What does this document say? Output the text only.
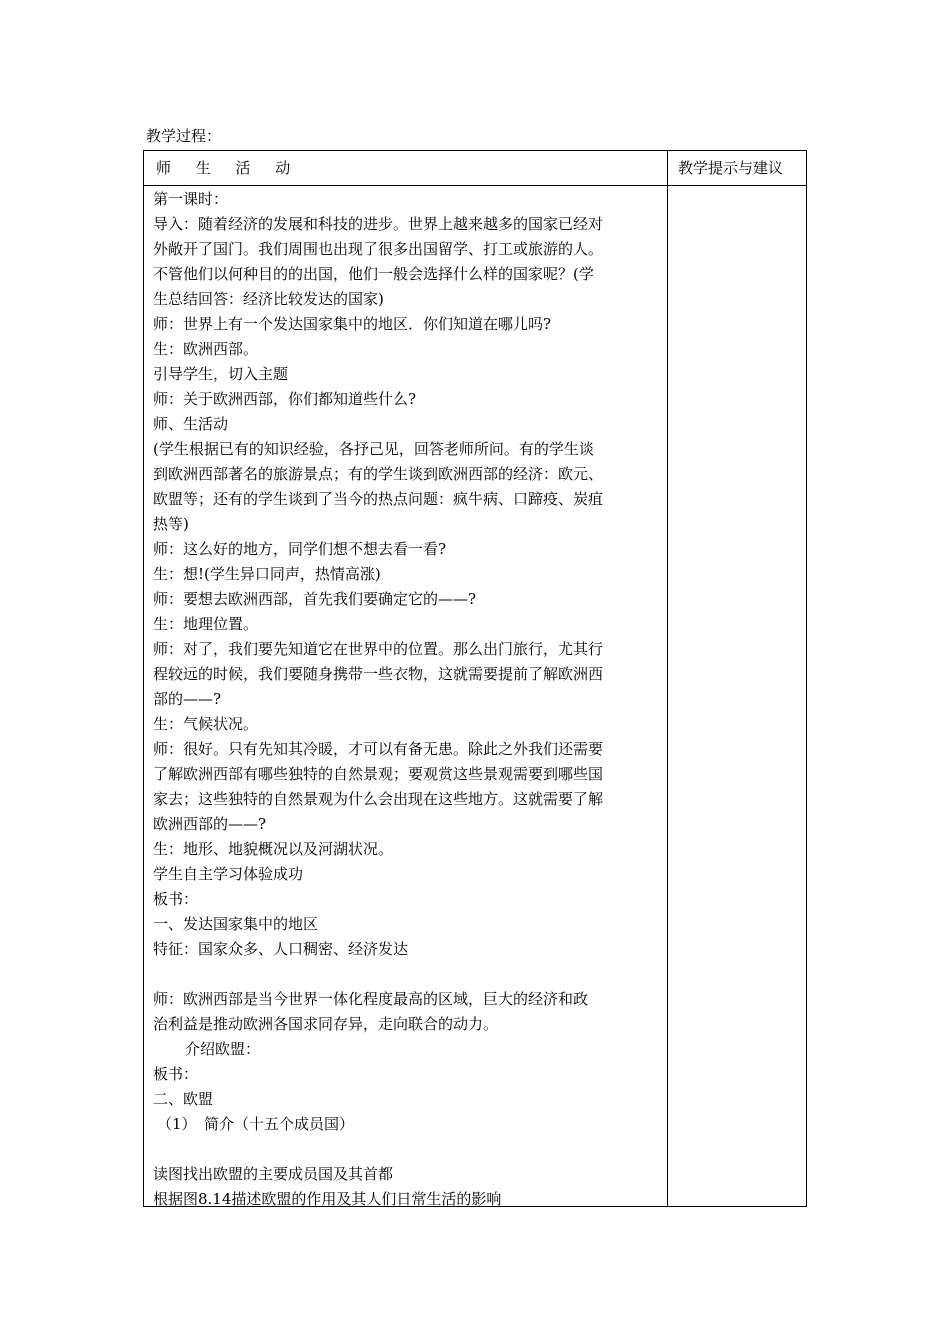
教学过程：
师 生 活 动	教学提示与建议
第一课时：
导入：随着经济的发展和科技的进步。世界上越来越多的国家已经对
外敞开了国门。我们周围也出现了很多出国留学、打工或旅游的人。
不管他们以何种目的的出国，他们一般会选择什么样的国家呢？(学
生总结回答：经济比较发达的国家)
师：世界上有一个发达国家集中的地区．你们知道在哪儿吗?
生：欧洲西部。
引导学生，切入主题
师：关于欧洲西部，你们都知道些什么?
师、生活动
(学生根据已有的知识经验，各抒己见，回答老师所问。有的学生谈
到欧洲西部著名的旅游景点；有的学生谈到欧洲西部的经济：欧元、
欧盟等；还有的学生谈到了当今的热点问题：疯牛病、口蹄疫、炭疽
热等)
师：这么好的地方，同学们想不想去看一看?
生：想!(学生异口同声，热情高涨)
师：要想去欧洲西部，首先我们要确定它的——?
生：地理位置。
师：对了，我们要先知道它在世界中的位置。那么出门旅行，尤其行
程较远的时候，我们要随身携带一些衣物，这就需要提前了解欧洲西
部的——?
生：气候状况。
师：很好。只有先知其冷暖，才可以有备无患。除此之外我们还需要
了解欧洲西部有哪些独特的自然景观；要观赏这些景观需要到哪些国
家去；这些独特的自然景观为什么会出现在这些地方。这就需要了解
欧洲西部的——?
生：地形、地貌概况以及河湖状况。
学生自主学习体验成功
板书：
一、发达国家集中的地区
特征：国家众多、人口稠密、经济发达
师：欧洲西部是当今世界一体化程度最高的区域，巨大的经济和政
治利益是推动欧洲各国求同存异，走向联合的动力。
介绍欧盟：
板书：
二、欧盟
（1）　简介（十五个成员国）
读图找出欧盟的主要成员国及其首都
根据图8.14描述欧盟的作用及其人们日常生活的影响
